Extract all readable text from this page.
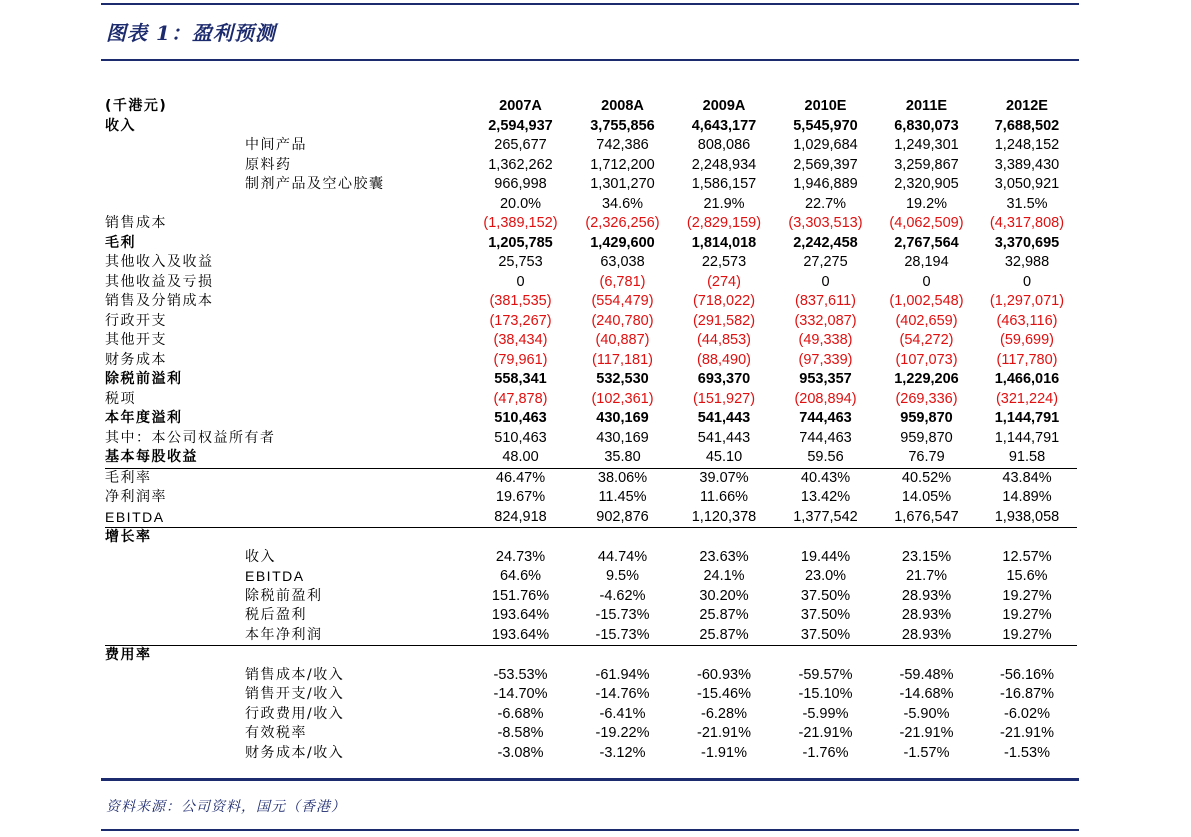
图表 1：盈利预测
(千港元)	2007A	2008A	2009A	2010E	2011E	2012E
收入	2,594,937	3,755,856	4,643,177	5,545,970	6,830,073	7,688,502
中间产品	265,677	742,386	808,086	1,029,684	1,249,301	1,248,152
原料药	1,362,262	1,712,200	2,248,934	2,569,397	3,259,867	3,389,430
制剂产品及空心胶囊	966,998	1,301,270	1,586,157	1,946,889	2,320,905	3,050,921
	20.0%	34.6%	21.9%	22.7%	19.2%	31.5%
销售成本	(1,389,152)	(2,326,256)	(2,829,159)	(3,303,513)	(4,062,509)	(4,317,808)
毛利	1,205,785	1,429,600	1,814,018	2,242,458	2,767,564	3,370,695
其他收入及收益	25,753	63,038	22,573	27,275	28,194	32,988
其他收益及亏损	0	(6,781)	(274)	0	0	0
销售及分销成本	(381,535)	(554,479)	(718,022)	(837,611)	(1,002,548)	(1,297,071)
行政开支	(173,267)	(240,780)	(291,582)	(332,087)	(402,659)	(463,116)
其他开支	(38,434)	(40,887)	(44,853)	(49,338)	(54,272)	(59,699)
财务成本	(79,961)	(117,181)	(88,490)	(97,339)	(107,073)	(117,780)
除税前溢利	558,341	532,530	693,370	953,357	1,229,206	1,466,016
税项	(47,878)	(102,361)	(151,927)	(208,894)	(269,336)	(321,224)
本年度溢利	510,463	430,169	541,443	744,463	959,870	1,144,791
其中：本公司权益所有者	510,463	430,169	541,443	744,463	959,870	1,144,791
基本每股收益	48.00	35.80	45.10	59.56	76.79	91.58
毛利率	46.47%	38.06%	39.07%	40.43%	40.52%	43.84%
净利润率	19.67%	11.45%	11.66%	13.42%	14.05%	14.89%
EBITDA	824,918	902,876	1,120,378	1,377,542	1,676,547	1,938,058
增长率						
收入	24.73%	44.74%	23.63%	19.44%	23.15%	12.57%
EBITDA	64.6%	9.5%	24.1%	23.0%	21.7%	15.6%
除税前盈利	151.76%	-4.62%	30.20%	37.50%	28.93%	19.27%
税后盈利	193.64%	-15.73%	25.87%	37.50%	28.93%	19.27%
本年净利润	193.64%	-15.73%	25.87%	37.50%	28.93%	19.27%
费用率						
销售成本/收入	-53.53%	-61.94%	-60.93%	-59.57%	-59.48%	-56.16%
销售开支/收入	-14.70%	-14.76%	-15.46%	-15.10%	-14.68%	-16.87%
行政费用/收入	-6.68%	-6.41%	-6.28%	-5.99%	-5.90%	-6.02%
有效税率	-8.58%	-19.22%	-21.91%	-21.91%	-21.91%	-21.91%
财务成本/收入	-3.08%	-3.12%	-1.91%	-1.76%	-1.57%	-1.53%
资料来源：公司资料，国元（香港）
